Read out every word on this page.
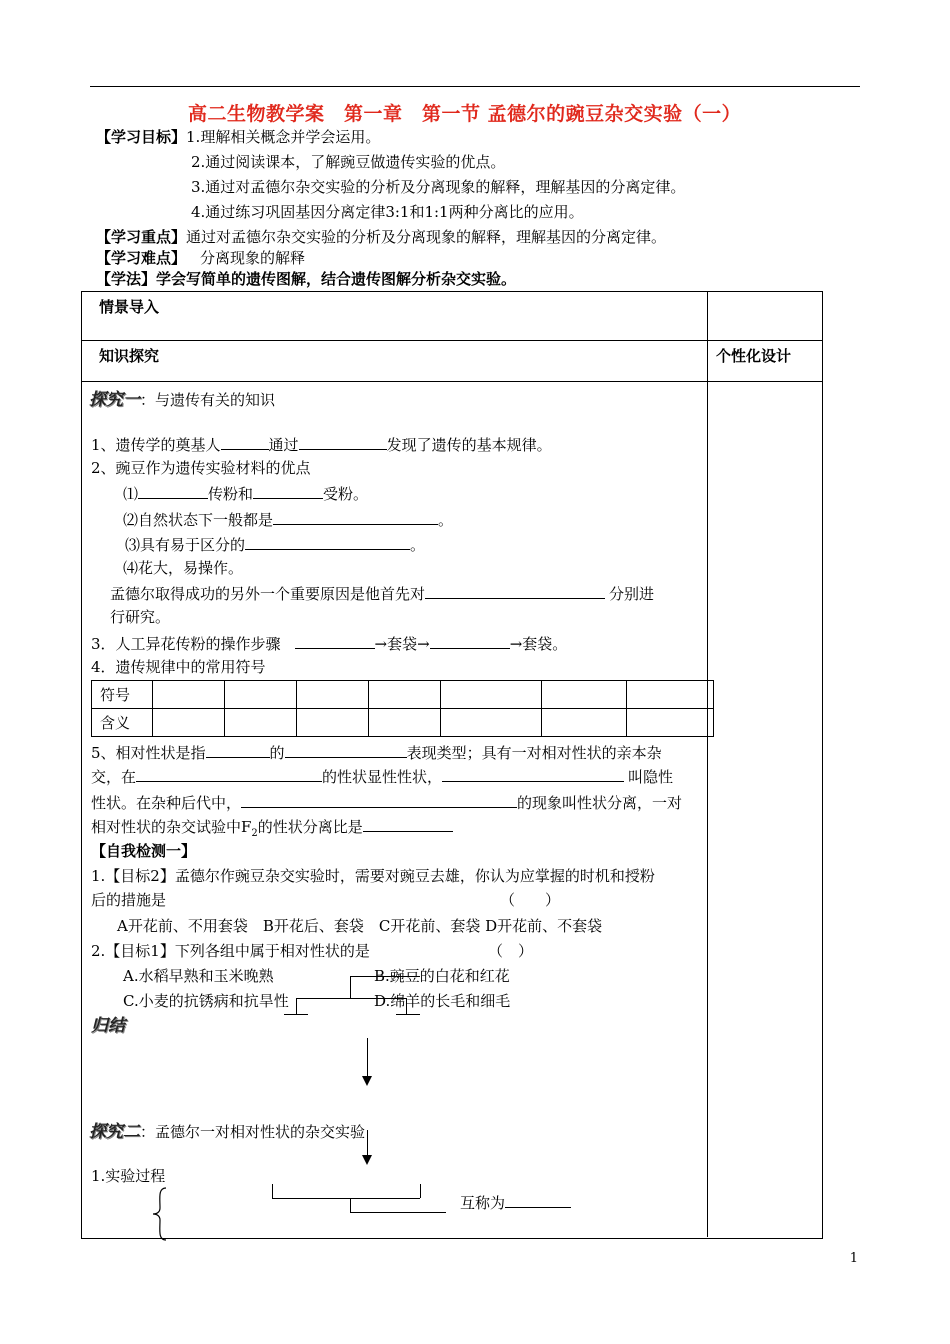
高二生物教学案　第一章　第一节 孟德尔的豌豆杂交实验（一）
【学习目标】1.理解相关概念并学会运用。
2.通过阅读课本，了解豌豆做遗传实验的优点。
3.通过对孟德尔杂交实验的分析及分离现象的解释，理解基因的分离定律。
4.通过练习巩固基因分离定律3:1和1:1两种分离比的应用。
【学习重点】通过对孟德尔杂交实验的分析及分离现象的解释，理解基因的分离定律。
【学习难点】 分离现象的解释
【学法】学会写简单的遗传图解，结合遗传图解分析杂交实验。
情景导入
知识探究	个性化设计
探究一：与遗传有关的知识
1、遗传学的奠基人	通过	发现了遗传的基本规律。
2、豌豆作为遗传实验材料的优点
⑴	传粉和	受粉。
⑵自然状态下一般都是	。
⑶具有易于区分的	。
⑷花大，易操作。
孟德尔取得成功的另外一个重要原因是他首先对	分别进
行研究。
3．人工异花传粉的操作步骤	→套袋→	→套袋。
4．遗传规律中的常用符号
符号							
含义							
5、相对性状是指	的	表现类型；具有一对相对性状的亲本杂
交，在	的性状显性性状，	叫隐性
性状。在杂种后代中，	的现象叫性状分离，一对
相对性状的杂交试验中$F_2$的性状分离比是
【自我检测一】
1.【目标2】孟德尔作豌豆杂交实验时，需要对豌豆去雄，你认为应掌握的时机和授粉
后的措施是	（　　）
A开花前、不用套袋　B开花后、套袋　C开花前、套袋 D开花前、不套袋
2.【目标1】下列各组中属于相对性状的是	（　）
A.水稻早熟和玉米晚熟	B.豌豆的白花和红花
C.小麦的抗锈病和抗旱性	D.绵羊的长毛和细毛
归结
探究二：孟德尔一对相对性状的杂交实验
1.实验过程
互称为
1
